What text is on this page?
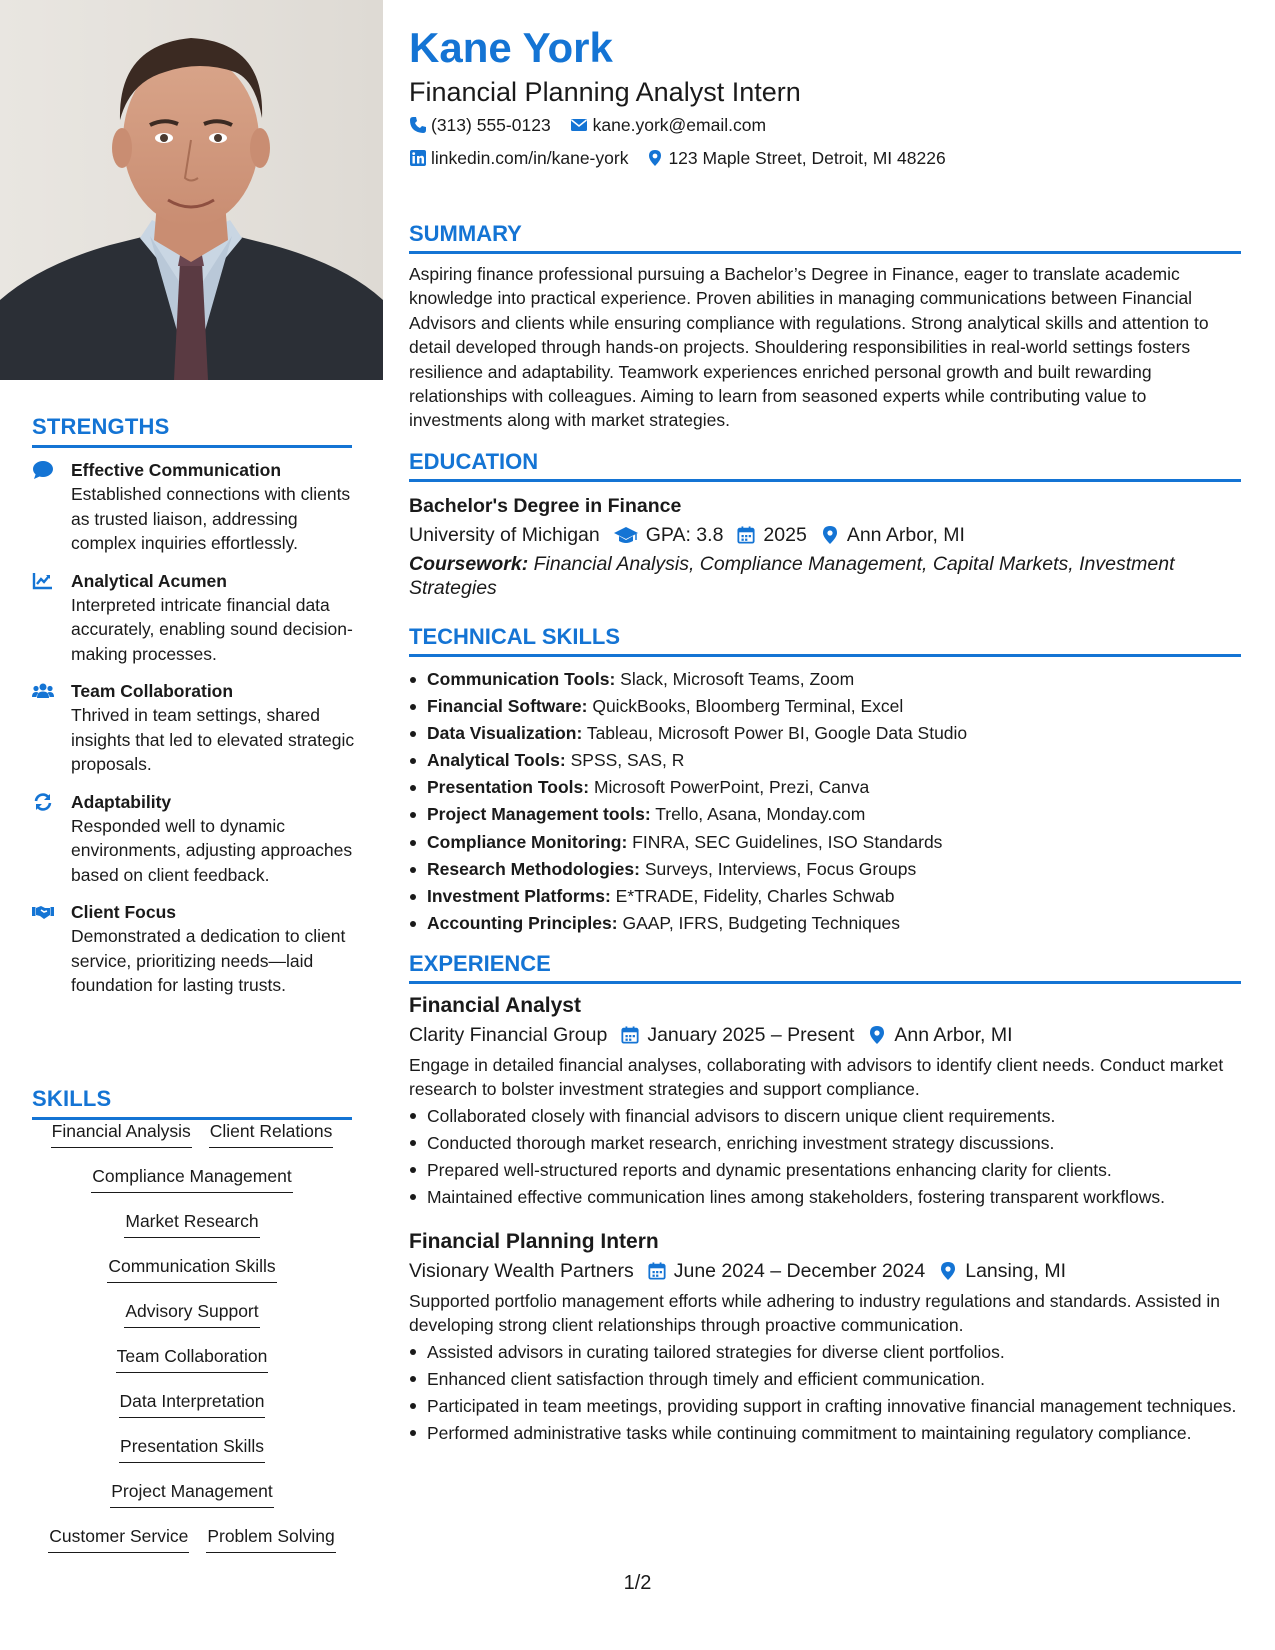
STRENGTHS
Effective Communication
Established connections with clients as trusted liaison, addressing complex inquiries effortlessly.
Analytical Acumen
Interpreted intricate financial data accurately, enabling sound decision-making processes.
Team Collaboration
Thrived in team settings, shared insights that led to elevated strategic proposals.
Adaptability
Responded well to dynamic environments, adjusting approaches based on client feedback.
Client Focus
Demonstrated a dedication to client service, prioritizing needs—laid foundation for lasting trusts.
SKILLS
Financial Analysis Client Relations
Compliance Management
Market Research
Communication Skills
Advisory Support
Team Collaboration
Data Interpretation
Presentation Skills
Project Management
Customer Service Problem Solving
Kane York
Financial Planning Analyst Intern
(313) 555-0123 kane.york@email.com
linkedin.com/in/kane-york 123 Maple Street, Detroit, MI 48226
SUMMARY
Aspiring finance professional pursuing a Bachelor’s Degree in Finance, eager to translate academic knowledge into practical experience. Proven abilities in managing communications between Financial Advisors and clients while ensuring compliance with regulations. Strong analytical skills and attention to detail developed through hands-on projects. Shouldering responsibilities in real-world settings fosters resilience and adaptability. Teamwork experiences enriched personal growth and built rewarding relationships with colleagues. Aiming to learn from seasoned experts while contributing value to investments along with market strategies.
EDUCATION
Bachelor's Degree in Finance
University of Michigan GPA: 3.8 2025 Ann Arbor, MI
Coursework: Financial Analysis, Compliance Management, Capital Markets, Investment Strategies
TECHNICAL SKILLS
Communication Tools: Slack, Microsoft Teams, Zoom
Financial Software: QuickBooks, Bloomberg Terminal, Excel
Data Visualization: Tableau, Microsoft Power BI, Google Data Studio
Analytical Tools: SPSS, SAS, R
Presentation Tools: Microsoft PowerPoint, Prezi, Canva
Project Management tools: Trello, Asana, Monday.com
Compliance Monitoring: FINRA, SEC Guidelines, ISO Standards
Research Methodologies: Surveys, Interviews, Focus Groups
Investment Platforms: E*TRADE, Fidelity, Charles Schwab
Accounting Principles: GAAP, IFRS, Budgeting Techniques
EXPERIENCE
Financial Analyst
Clarity Financial Group January 2025 – Present Ann Arbor, MI
Engage in detailed financial analyses, collaborating with advisors to identify client needs. Conduct market research to bolster investment strategies and support compliance.
Collaborated closely with financial advisors to discern unique client requirements.
Conducted thorough market research, enriching investment strategy discussions.
Prepared well-structured reports and dynamic presentations enhancing clarity for clients.
Maintained effective communication lines among stakeholders, fostering transparent workflows.
Financial Planning Intern
Visionary Wealth Partners June 2024 – December 2024 Lansing, MI
Supported portfolio management efforts while adhering to industry regulations and standards. Assisted in developing strong client relationships through proactive communication.
Assisted advisors in curating tailored strategies for diverse client portfolios.
Enhanced client satisfaction through timely and efficient communication.
Participated in team meetings, providing support in crafting innovative financial management techniques.
Performed administrative tasks while continuing commitment to maintaining regulatory compliance.
1/2
